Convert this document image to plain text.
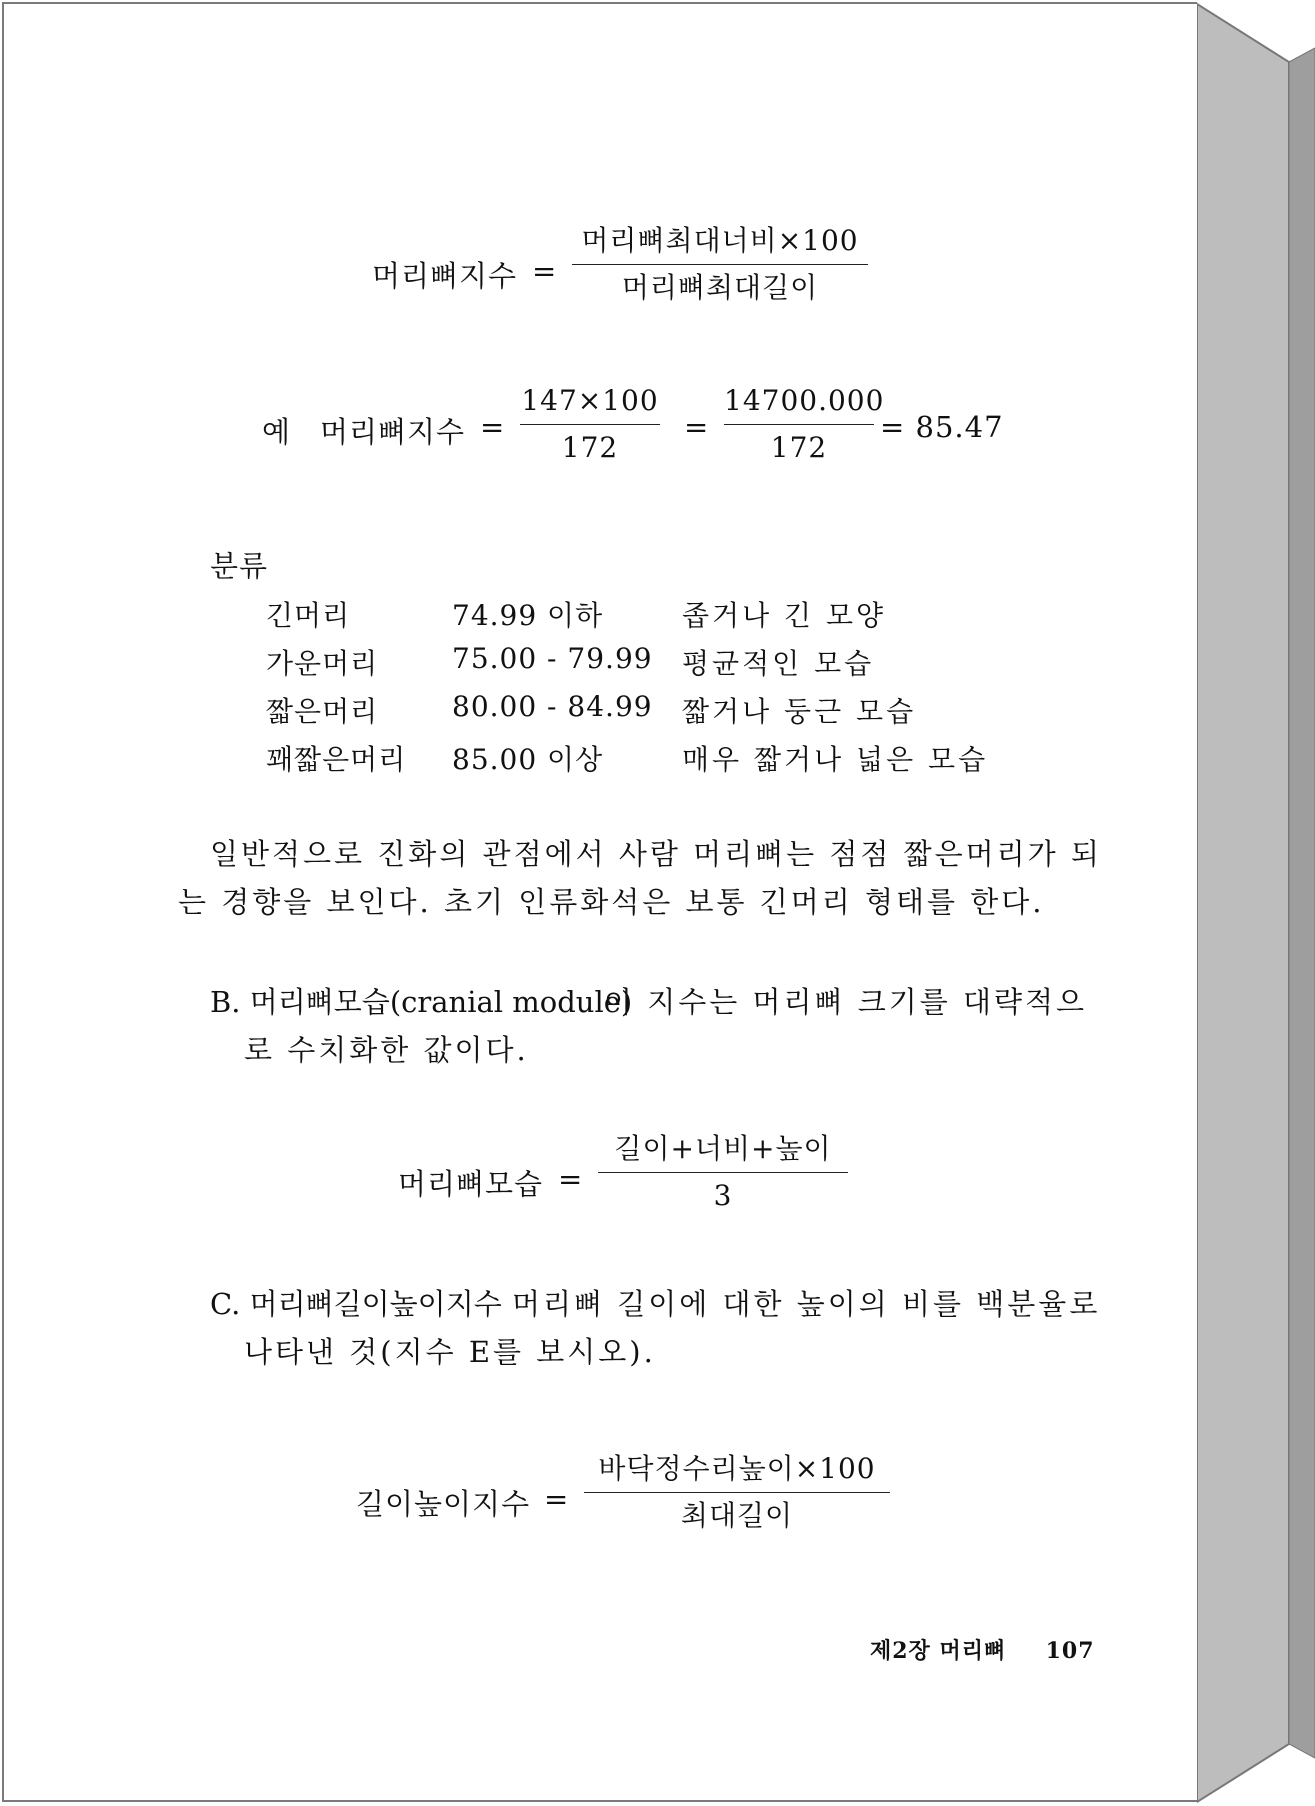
머리뼈지수 =
머리뼈최대너비×100
머리뼈최대길이
예 머리뼈지수 =
147×100
172
=
14700.000
172
= 85.47
분류
긴머리	74.99 이하	좁거나 긴 모양
가운머리	75.00 - 79.99 평균적인 모습
짧은머리	80.00 - 84.99 짧거나 둥근 모습
꽤짧은머리 85.00 이상	매우 짧거나 넓은 모습
일반적으로 진화의 관점에서 사람 머리뼈는 점점 짧은머리가 되
는 경향을 보인다. 초기 인류화석은 보통 긴머리 형태를 한다.
B. 머리뼈모습(cranial module)
이 지수는 머리뼈 크기를 대략적으
로 수치화한 값이다.
머리뼈모습 =
길이+너비+높이
3
C. 머리뼈길이높이지수 머리뼈 길이에 대한 높이의 비를 백분율로
나타낸 것(지수 E를 보시오).
길이높이지수 =
바닥정수리높이×100
최대길이
제2장 머리뼈 107
